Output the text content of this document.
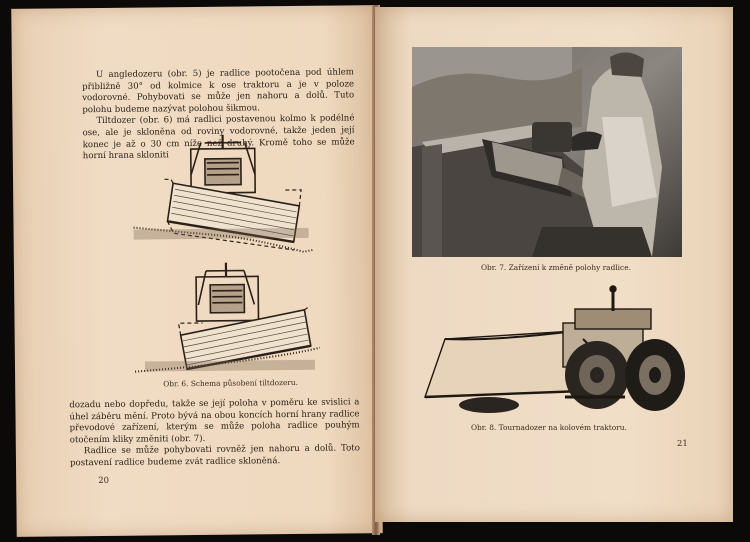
U angledozeru (obr. 5) je radlice pootočena pod úhlem přibližně 30° od kolmice k ose traktoru a je v poloze vodorovné. Pohybovati se může jen nahoru a dolů. Tuto polohu budeme nazývat polohou šikmou.

Tiltdozer (obr. 6) má radlici postavenou kolmo k podélné ose, ale je skloněna od roviny vodorovné, takže jeden její konec je až o 30 cm níže než druhý. Kromě toho se může horní hrana skloniti

Obr. 6. Schema působení tiltdozeru.

dozadu nebo dopředu, takže se její poloha v poměru ke svislici a úhel záběru mění. Proto bývá na obou koncích horní hrany radlice převodové zařízení, kterým se může poloha radlice pouhým otočením kliky změniti (obr. 7).

Radlice se může pohybovati rovněž jen nahoru a dolů. Toto postavení radlice budeme zvát radlice skloněná.

20
Obr. 7. Zařízení k změně polohy radlice.
Obr. 8. Tournadozer na kolovém traktoru.
21
